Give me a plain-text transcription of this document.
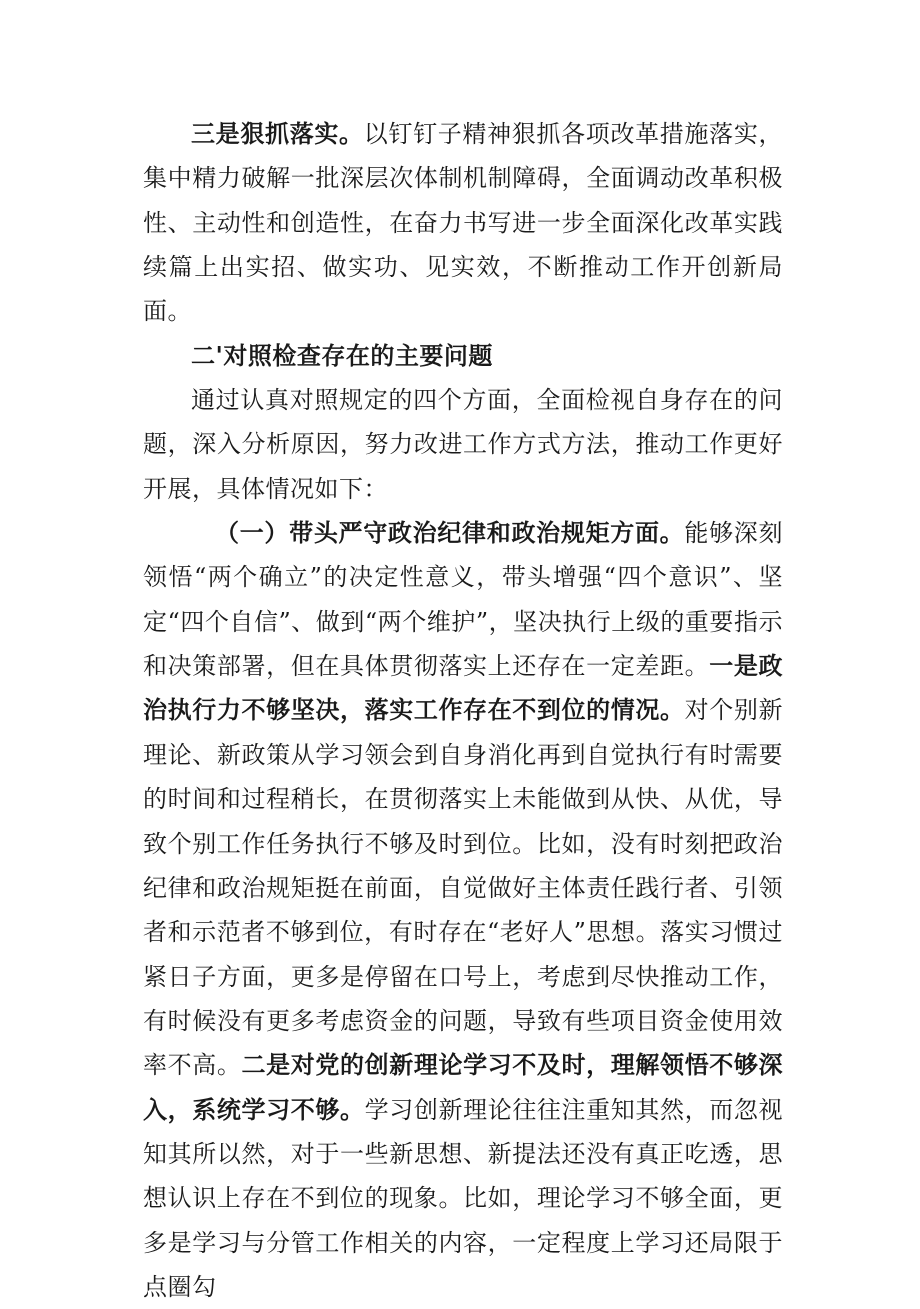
三是狠抓落实。以钉钉子精神狠抓各项改革措施落实，集中精力破解一批深层次体制机制障碍，全面调动改革积极性、主动性和创造性，在奋力书写进一步全面深化改革实践续篇上出实招、做实功、见实效，不断推动工作开创新局面。

二'对照检查存在的主要问题

通过认真对照规定的四个方面，全面检视自身存在的问题，深入分析原因，努力改进工作方式方法，推动工作更好开展，具体情况如下：

（一）带头严守政治纪律和政治规矩方面。能够深刻领悟“两个确立”的决定性意义，带头增强“四个意识”、坚定“四个自信”、做到“两个维护”，坚决执行上级的重要指示和决策部署，但在具体贯彻落实上还存在一定差距。一是政治执行力不够坚决，落实工作存在不到位的情况。对个别新理论、新政策从学习领会到自身消化再到自觉执行有时需要的时间和过程稍长，在贯彻落实上未能做到从快、从优，导致个别工作任务执行不够及时到位。比如，没有时刻把政治纪律和政治规矩挺在前面，自觉做好主体责任践行者、引领者和示范者不够到位，有时存在“老好人”思想。落实习惯过紧日子方面，更多是停留在口号上，考虑到尽快推动工作，有时候没有更多考虑资金的问题，导致有些项目资金使用效率不高。二是对党的创新理论学习不及时，理解领悟不够深入，系统学习不够。学习创新理论往往注重知其然，而忽视知其所以然，对于一些新思想、新提法还没有真正吃透，思想认识上存在不到位的现象。比如，理论学习不够全面，更多是学习与分管工作相关的内容，一定程度上学习还局限于点圈勾
